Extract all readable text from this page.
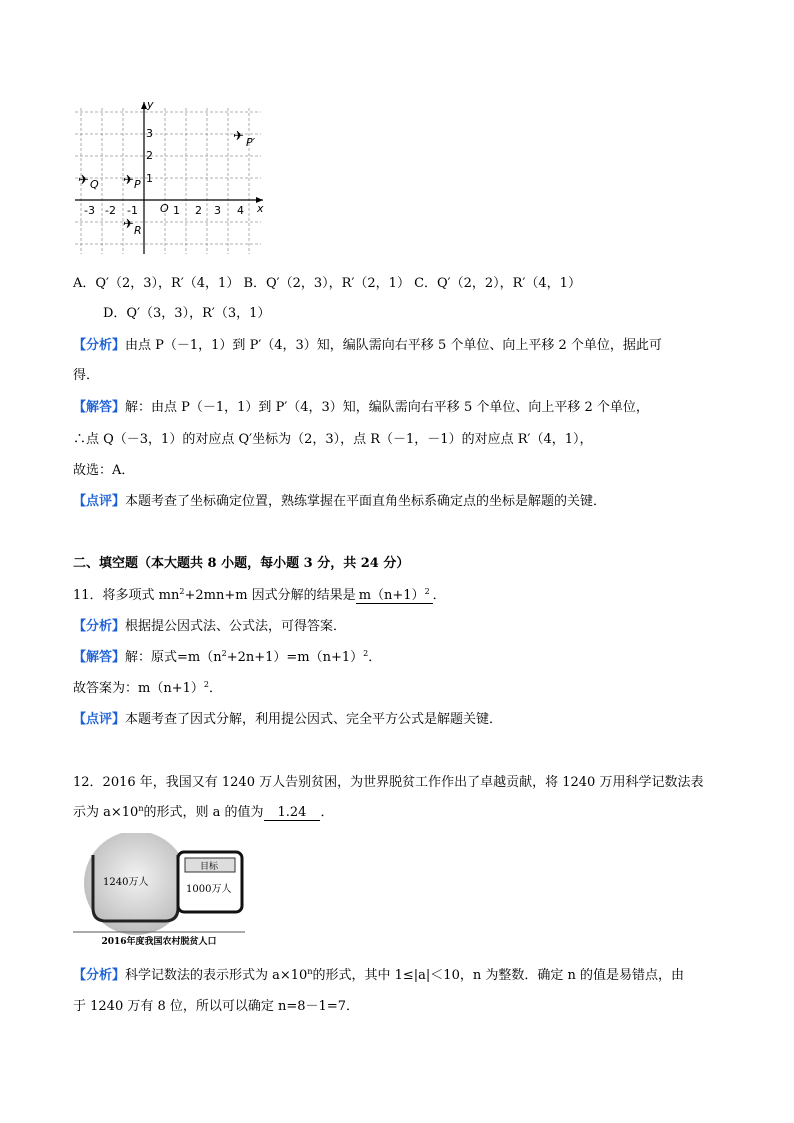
-3 -2 -1	1 2 3 4
3
2
1
O	x
y
P′
Q	P
R
✈
✈	✈
✈
A．Q′（2，3），R′（4，1） B．Q′（2，3），R′（2，1） C．Q′（2，2），R′（4，1）
D．Q′（3，3），R′（3，1）
【分析】由点 P（－1，1）到 P′（4，3）知，编队需向右平移 5 个单位、向上平移 2 个单位，据此可
得．
【解答】解：由点 P（－1，1）到 P′（4，3）知，编队需向右平移 5 个单位、向上平移 2 个单位，
∴点 Q（－3，1）的对应点 Q′坐标为（2，3），点 R（－1，－1）的对应点 R′（4，1），
故选：A．
【点评】本题考查了坐标确定位置，熟练掌握在平面直角坐标系确定点的坐标是解题的关键．
二、填空题（本大题共 8 小题，每小题 3 分，共 24 分）
11．将多项式 $mn^2+2mn+m$ 因式分解的结果是 $m(n+1)^2$ ．
【分析】根据提公因式法、公式法，可得答案．
【解答】解：原式$=m(n^2+2n+1)=m(n+1)^2$．
故答案为：$m(n+1)^2$．
【点评】本题考查了因式分解，利用提公因式、完全平方公式是解题关键．
12．2016 年，我国又有 1240 万人告别贫困，为世界脱贫工作作出了卓越贡献，将 1240 万用科学记数法表
示为 $a\times 10^n$的形式，则 a 的值为 1.24 ．
1240万人
目标
1000万人
2016年度我国农村脱贫人口
【分析】科学记数法的表示形式为 $a\times 10^n$的形式，其中 1≤|a|＜10，n 为整数．确定 n 的值是易错点，由
于 1240 万有 8 位，所以可以确定 n=8－1=7．
